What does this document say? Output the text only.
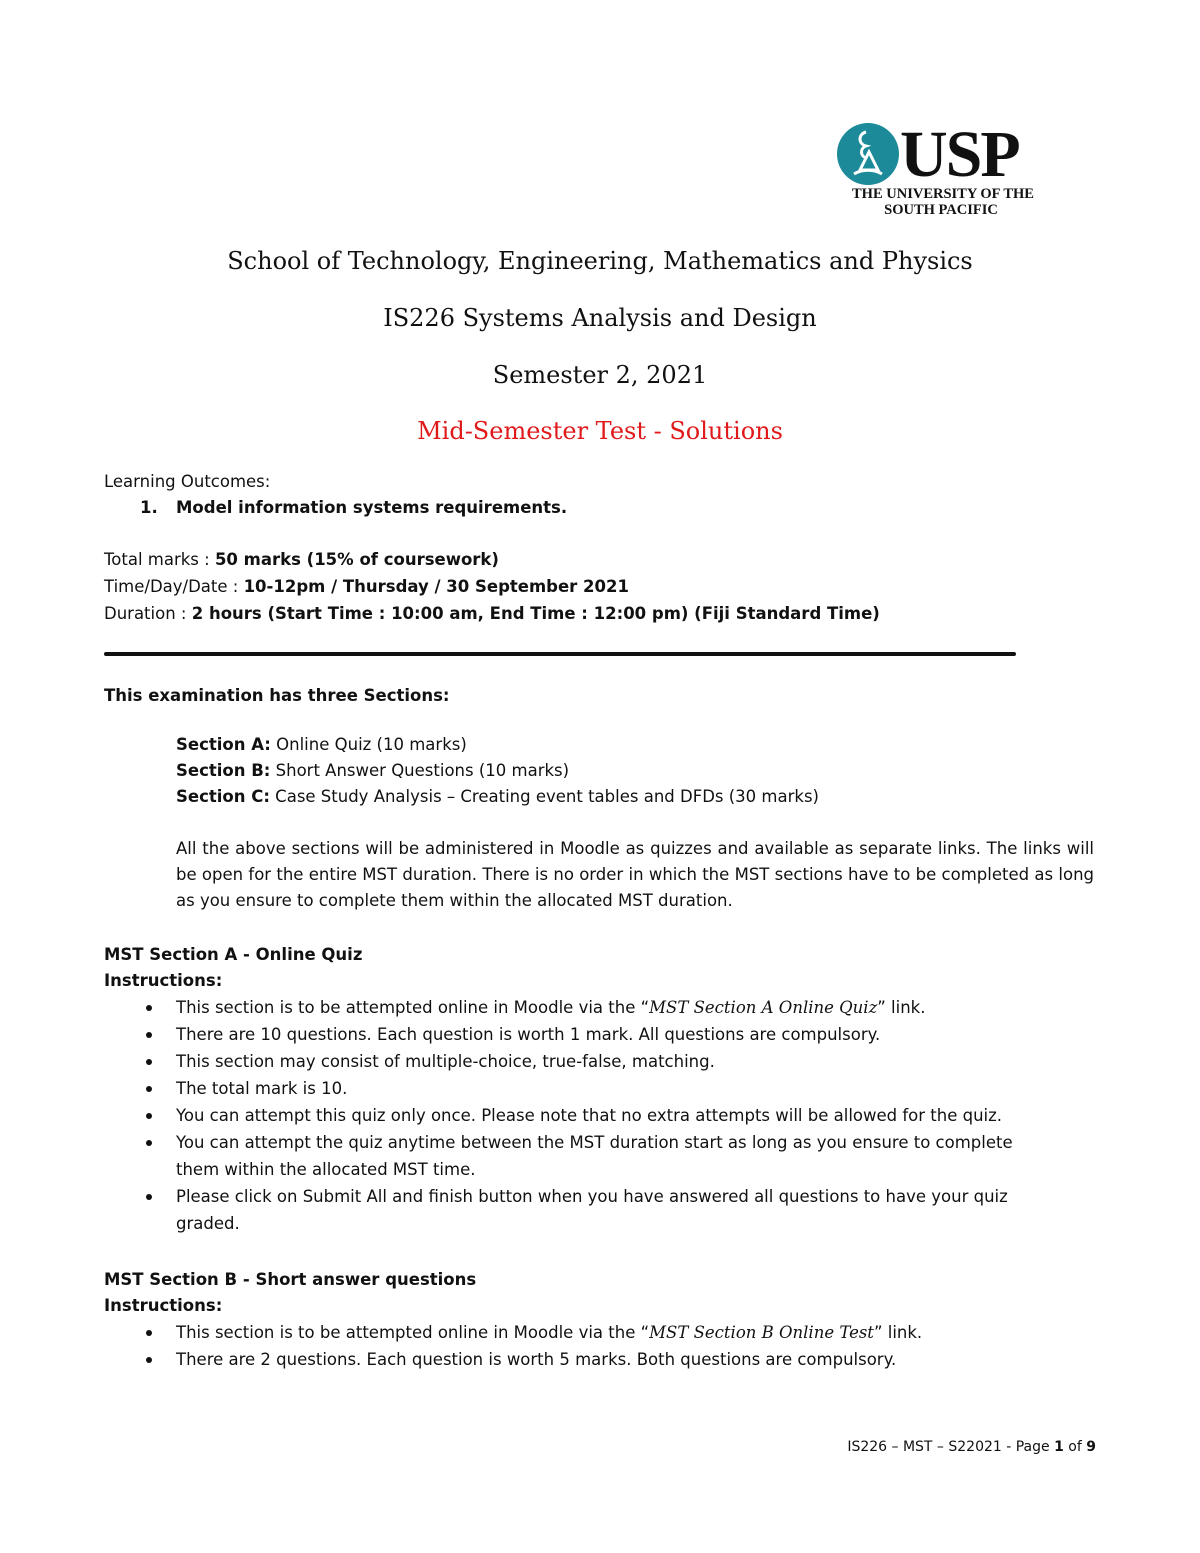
USP
THE UNIVERSITY OF THE
SOUTH PACIFIC
School of Technology, Engineering, Mathematics and Physics
IS226 Systems Analysis and Design
Semester 2, 2021
Mid-Semester Test - Solutions
Learning Outcomes:
1. Model information systems requirements.
Total marks : 50 marks (15% of coursework)
Time/Day/Date : 10-12pm / Thursday / 30 September 2021
Duration : 2 hours (Start Time : 10:00 am, End Time : 12:00 pm) (Fiji Standard Time)
This examination has three Sections:
Section A: Online Quiz (10 marks)
Section B: Short Answer Questions (10 marks)
Section C: Case Study Analysis – Creating event tables and DFDs (30 marks)
All the above sections will be administered in Moodle as quizzes and available as separate links. The links will be open for the entire MST duration. There is no order in which the MST sections have to be completed as long as you ensure to complete them within the allocated MST duration.
MST Section A - Online Quiz
Instructions:
This section is to be attempted online in Moodle via the “MST Section A Online Quiz” link.
There are 10 questions. Each question is worth 1 mark. All questions are compulsory.
This section may consist of multiple-choice, true-false, matching.
The total mark is 10.
You can attempt this quiz only once. Please note that no extra attempts will be allowed for the quiz.
You can attempt the quiz anytime between the MST duration start as long as you ensure to complete
them within the allocated MST time.
Please click on Submit All and finish button when you have answered all questions to have your quiz
graded.
MST Section B - Short answer questions
Instructions:
This section is to be attempted online in Moodle via the “MST Section B Online Test” link.
There are 2 questions. Each question is worth 5 marks. Both questions are compulsory.
IS226 – MST – S22021 - Page 1 of 9
